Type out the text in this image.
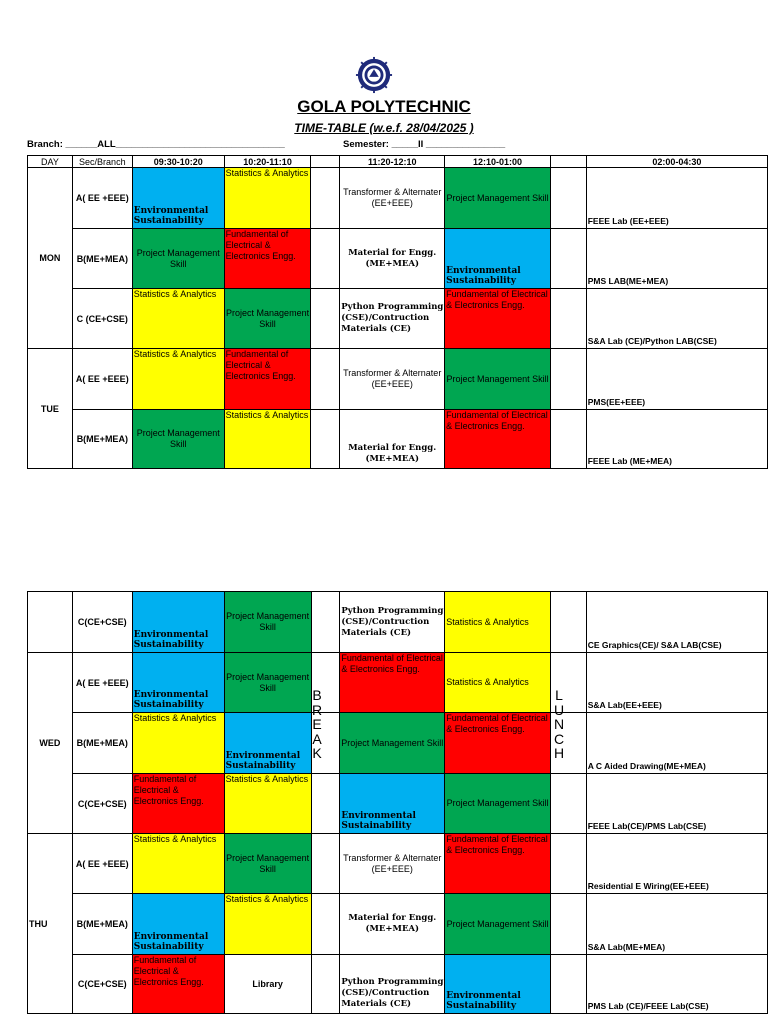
GOLA POLYTECHNIC
TIME-TABLE (w.e.f. 28/04/2025 )
Branch: ______ALL________________________________	Semester: _____II _______________
DAY	Sec/Branch	09:30-10:20	10:20-11:10		11:20-12:10	12:10-01:00		02:00-04:30
MON	A( EE +EEE)	Environmental Sustainability	Statistics & Analytics		Transformer & Alternater (EE+EEE)	Project Management Skill		FEEE Lab (EE+EEE)
	B(ME+MEA)	Project Management Skill	Fundamental of Electrical & Electronics Engg.		Material for Engg. (ME+MEA)	Environmental Sustainability		PMS LAB(ME+MEA)
	C (CE+CSE)	Statistics & Analytics	Project Management Skill		Python Programming (CSE)/Contruction Materials (CE)	Fundamental of Electrical & Electronics Engg.		S&A Lab (CE)/Python LAB(CSE)
TUE	A( EE +EEE)	Statistics & Analytics	Fundamental of Electrical & Electronics Engg.		Transformer & Alternater (EE+EEE)	Project Management Skill		PMS(EE+EEE)
	B(ME+MEA)	Project Management Skill	Statistics & Analytics		Material for Engg. (ME+MEA)	Fundamental of Electrical & Electronics Engg.		FEEE Lab (ME+MEA)
	C(CE+CSE)	Environmental Sustainability	Project Management Skill		Python Programming (CSE)/Contruction Materials (CE)	Statistics & Analytics		CE Graphics(CE)/ S&A LAB(CSE)
WED	A( EE +EEE)	Environmental Sustainability	Project Management Skill		Fundamental of Electrical & Electronics Engg.	Statistics & Analytics		S&A Lab(EE+EEE)
	B(ME+MEA)	Statistics & Analytics	Environmental Sustainability		Project Management Skill	Fundamental of Electrical & Electronics Engg.		A C Aided Drawing(ME+MEA)
	C(CE+CSE)	Fundamental of Electrical & Electronics Engg.	Statistics & Analytics		Environmental Sustainability	Project Management Skill		FEEE Lab(CE)/PMS Lab(CSE)
THU	A( EE +EEE)	Statistics & Analytics	Project Management Skill		Transformer & Alternater (EE+EEE)	Fundamental of Electrical & Electronics Engg.		Residential E Wiring(EE+EEE)
	B(ME+MEA)	Environmental Sustainability	Statistics & Analytics		Material for Engg. (ME+MEA)	Project Management Skill		S&A Lab(ME+MEA)
	C(CE+CSE)	Fundamental of Electrical & Electronics Engg.	Library		Python Programming (CSE)/Contruction Materials (CE)	Environmental Sustainability		PMS Lab (CE)/FEEE Lab(CSE)
B
R
E
A
K
L
U
N
C
H
